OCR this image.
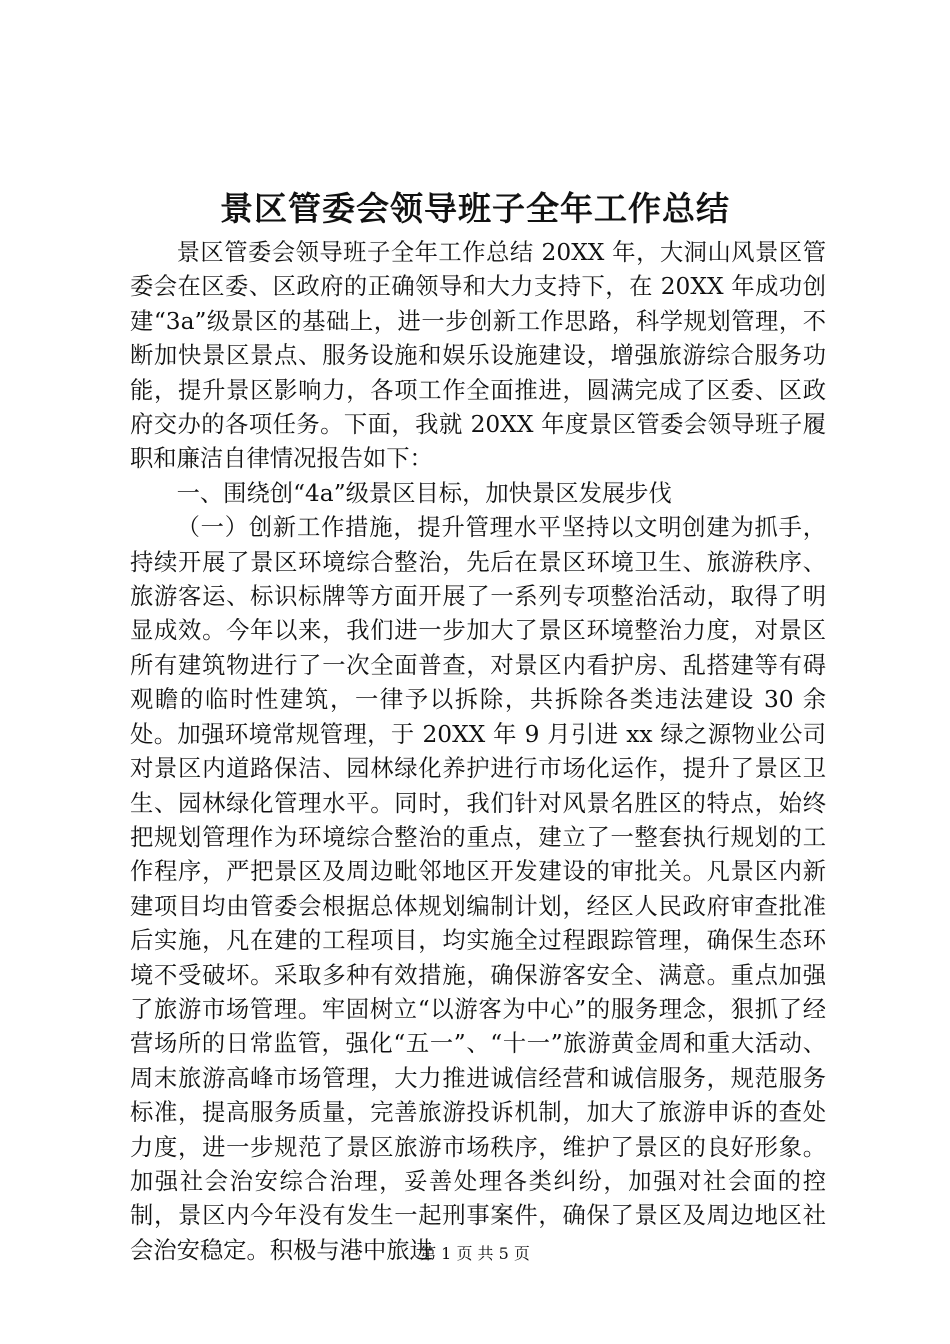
景区管委会领导班子全年工作总结

景区管委会领导班子全年工作总结 20XX 年，大洞山风景区管委会在区委、区政府的正确领导和大力支持下，在 20XX 年成功创建“3a”级景区的基础上，进一步创新工作思路，科学规划管理，不断加快景区景点、服务设施和娱乐设施建设，增强旅游综合服务功能，提升景区影响力，各项工作全面推进，圆满完成了区委、区政府交办的各项任务。下面，我就 20XX 年度景区管委会领导班子履职和廉洁自律情况报告如下：

一、围绕创“4a”级景区目标，加快景区发展步伐

（一）创新工作措施，提升管理水平坚持以文明创建为抓手，持续开展了景区环境综合整治，先后在景区环境卫生、旅游秩序、旅游客运、标识标牌等方面开展了一系列专项整治活动，取得了明显成效。今年以来，我们进一步加大了景区环境整治力度，对景区所有建筑物进行了一次全面普查，对景区内看护房、乱搭建等有碍观瞻的临时性建筑，一律予以拆除，共拆除各类违法建设 30 余处。加强环境常规管理，于 20XX 年 9 月引进 xx 绿之源物业公司对景区内道路保洁、园林绿化养护进行市场化运作，提升了景区卫生、园林绿化管理水平。同时，我们针对风景名胜区的特点，始终把规划管理作为环境综合整治的重点，建立了一整套执行规划的工作程序，严把景区及周边毗邻地区开发建设的审批关。凡景区内新建项目均由管委会根据总体规划编制计划，经区人民政府审查批准后实施，凡在建的工程项目，均实施全过程跟踪管理，确保生态环境不受破坏。采取多种有效措施，确保游客安全、满意。重点加强了旅游市场管理。牢固树立“以游客为中心”的服务理念，狠抓了经营场所的日常监管，强化“五一”、“十一”旅游黄金周和重大活动、周末旅游高峰市场管理，大力推进诚信经营和诚信服务，规范服务标准，提高服务质量，完善旅游投诉机制，加大了旅游申诉的查处力度，进一步规范了景区旅游市场秩序，维护了景区的良好形象。加强社会治安综合治理，妥善处理各类纠纷，加强对社会面的控制，景区内今年没有发生一起刑事案件，确保了景区及周边地区社会治安稳定。积极与港中旅进

第 1 页 共 5 页
